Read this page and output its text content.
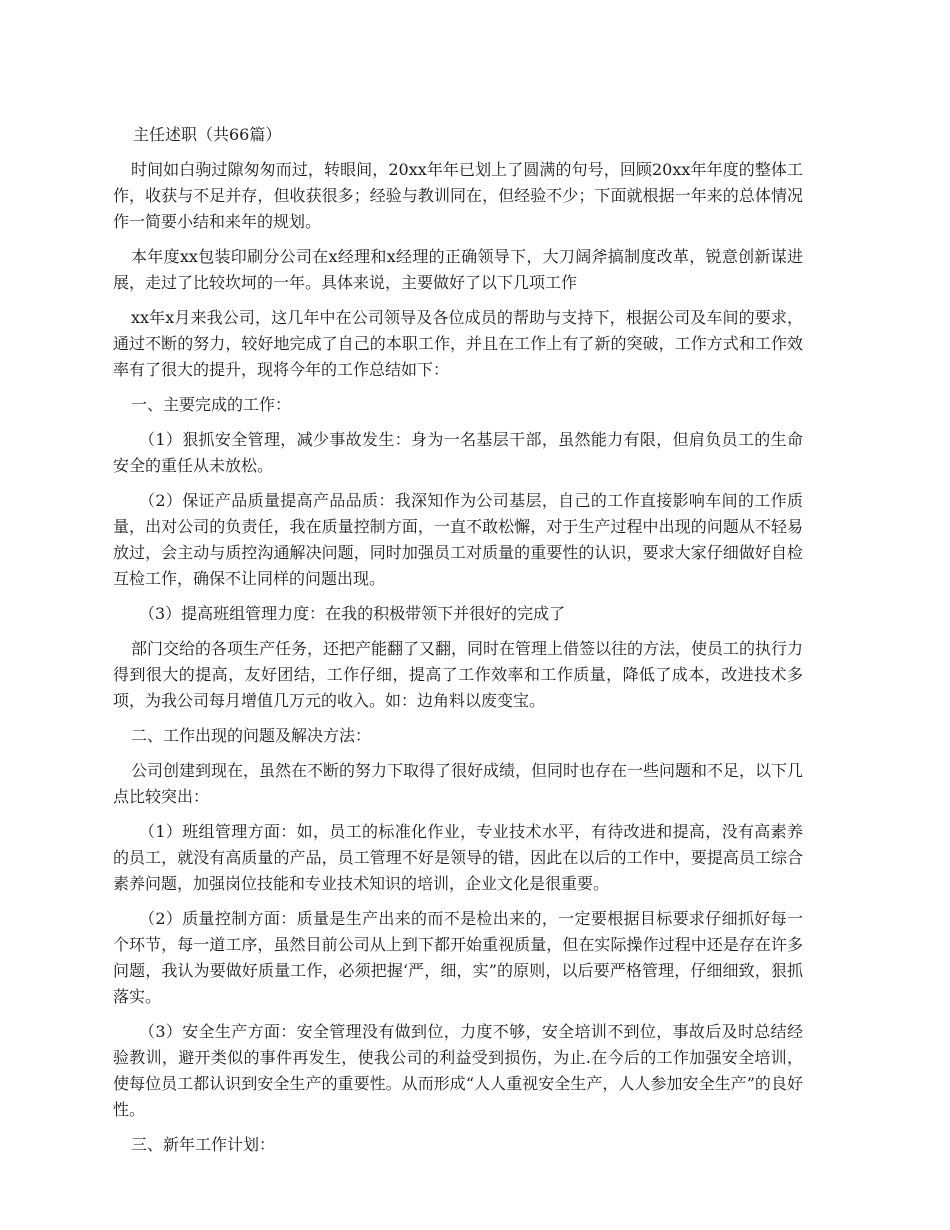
主任述职（共66篇）

时间如白驹过隙匆匆而过，转眼间，20xx年年已划上了圆满的句号，回顾20xx年年度的整体工作，收获与不足并存，但收获很多；经验与教训同在，但经验不少；下面就根据一年来的总体情况作一简要小结和来年的规划。

本年度xx包装印刷分公司在x经理和x经理的正确领导下，大刀阔斧搞制度改革，锐意创新谋进展，走过了比较坎坷的一年。具体来说，主要做好了以下几项工作

xx年x月来我公司，这几年中在公司领导及各位成员的帮助与支持下，根据公司及车间的要求，通过不断的努力，较好地完成了自己的本职工作，并且在工作上有了新的突破，工作方式和工作效率有了很大的提升，现将今年的工作总结如下：

一、主要完成的工作：

（1）狠抓安全管理，减少事故发生：身为一名基层干部，虽然能力有限，但肩负员工的生命安全的重任从未放松。

（2）保证产品质量提高产品品质：我深知作为公司基层，自己的工作直接影响车间的工作质量，出对公司的负责任，我在质量控制方面，一直不敢松懈，对于生产过程中出现的问题从不轻易放过，会主动与质控沟通解决问题，同时加强员工对质量的重要性的认识，要求大家仔细做好自检互检工作，确保不让同样的问题出现。

（3）提高班组管理力度：在我的积极带领下并很好的完成了

部门交给的各项生产任务，还把产能翻了又翻，同时在管理上借签以往的方法，使员工的执行力得到很大的提高，友好团结，工作仔细，提高了工作效率和工作质量，降低了成本，改进技术多项，为我公司每月增值几万元的收入。如：边角料以废变宝。

二、工作出现的问题及解决方法：

公司创建到现在，虽然在不断的努力下取得了很好成绩，但同时也存在一些问题和不足，以下几点比较突出：

（1）班组管理方面：如，员工的标准化作业，专业技术水平，有待改进和提高，没有高素养的员工，就没有高质量的产品，员工管理不好是领导的错，因此在以后的工作中，要提高员工综合素养问题，加强岗位技能和专业技术知识的培训，企业文化是很重要。

（2）质量控制方面：质量是生产出来的而不是检出来的，一定要根据目标要求仔细抓好每一个环节，每一道工序，虽然目前公司从上到下都开始重视质量，但在实际操作过程中还是存在许多问题，我认为要做好质量工作，必须把握‘严，细，实”的原则，以后要严格管理，仔细细致，狠抓落实。

（3）安全生产方面：安全管理没有做到位，力度不够，安全培训不到位，事故后及时总结经验教训，避开类似的事件再发生，使我公司的利益受到损伤，为止.在今后的工作加强安全培训，使每位员工都认识到安全生产的重要性。从而形成“人人重视安全生产，人人参加安全生产”的良好性。

三、新年工作计划：
